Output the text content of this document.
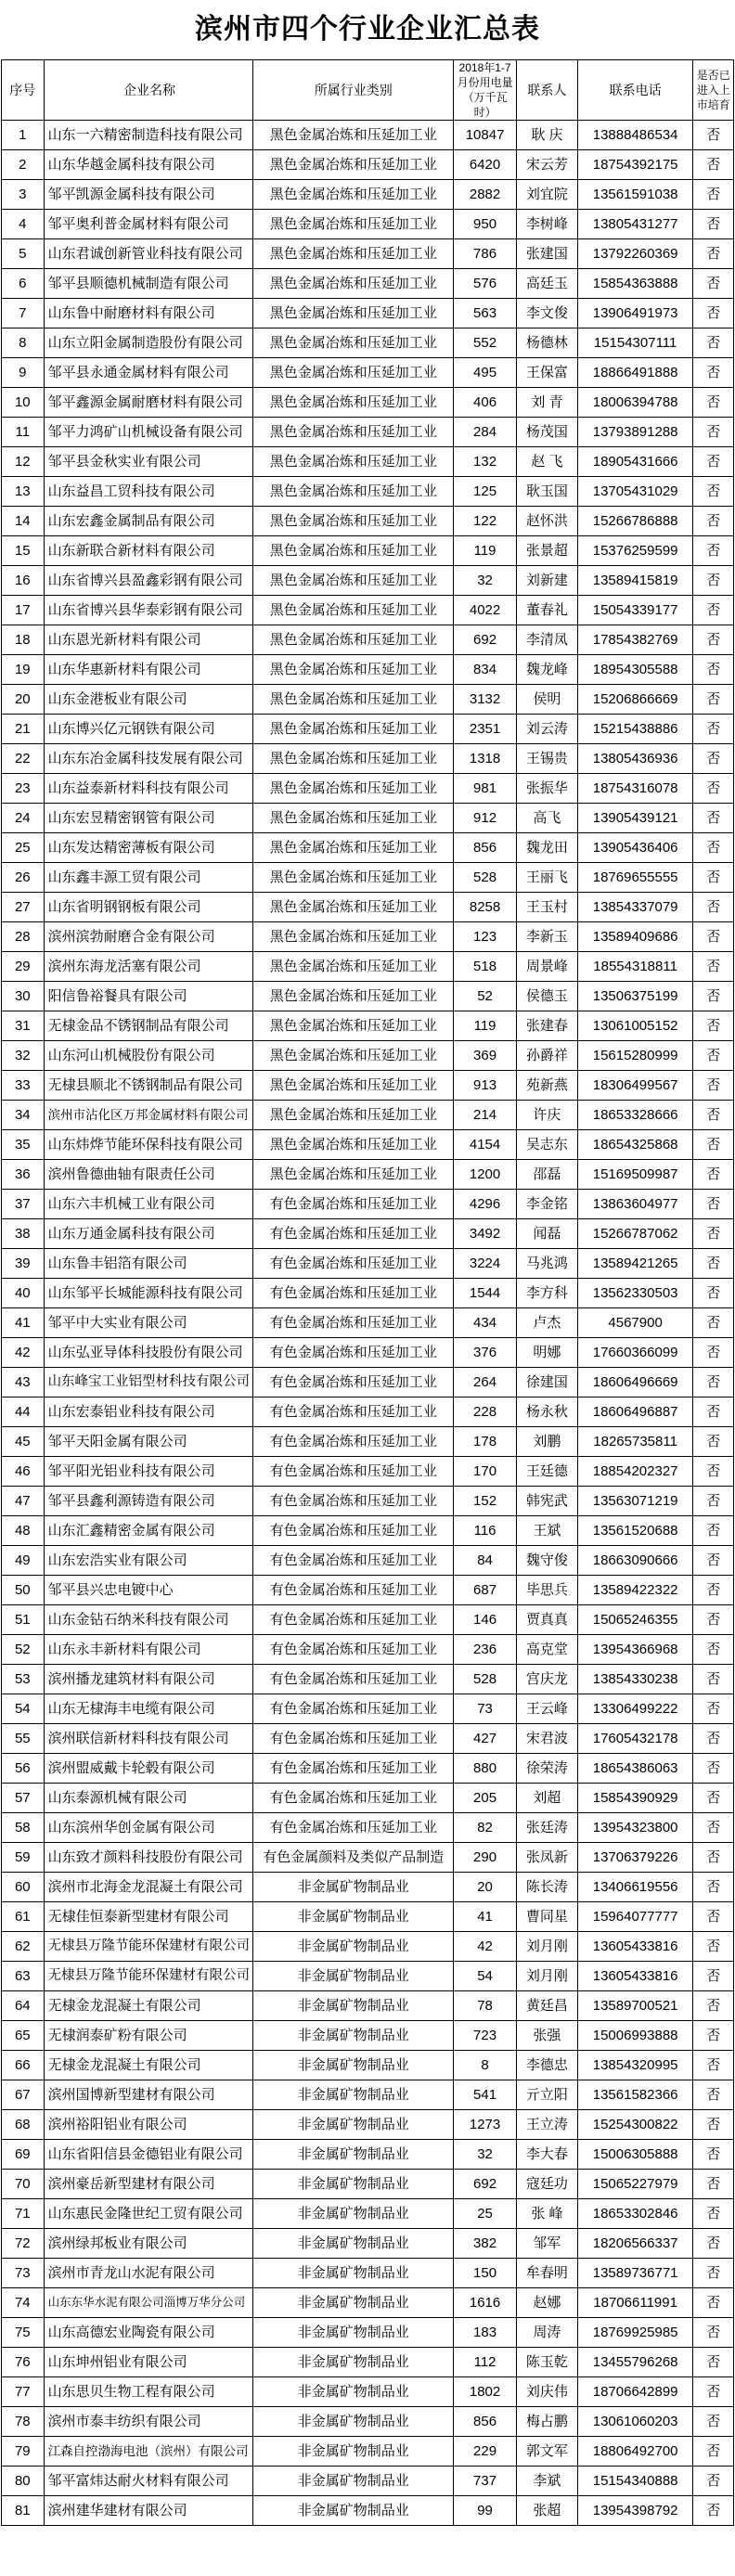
滨州市四个行业企业汇总表
序号	企业名称	所属行业类别	2018年1-7月份用电量（万千瓦时）	联系人	联系电话	是否已进入上市培育
1	山东一六精密制造科技有限公司	黑色金属冶炼和压延加工业	10847	耿 庆	13888486534	否
2	山东华越金属科技有限公司	黑色金属冶炼和压延加工业	6420	宋云芳	18754392175	否
3	邹平凯源金属科技有限公司	黑色金属冶炼和压延加工业	2882	刘宜院	13561591038	否
4	邹平奥利普金属材料有限公司	黑色金属冶炼和压延加工业	950	李树峰	13805431277	否
5	山东君诚创新管业科技有限公司	黑色金属冶炼和压延加工业	786	张建国	13792260369	否
6	邹平县顺德机械制造有限公司	黑色金属冶炼和压延加工业	576	高廷玉	15854363888	否
7	山东鲁中耐磨材料有限公司	黑色金属冶炼和压延加工业	563	李文俊	13906491973	否
8	山东立阳金属制造股份有限公司	黑色金属冶炼和压延加工业	552	杨德林	15154307111	否
9	邹平县永通金属材料有限公司	黑色金属冶炼和压延加工业	495	王保富	18866491888	否
10	邹平鑫源金属耐磨材料有限公司	黑色金属冶炼和压延加工业	406	刘 青	18006394788	否
11	邹平力鸿矿山机械设备有限公司	黑色金属冶炼和压延加工业	284	杨茂国	13793891288	否
12	邹平县金秋实业有限公司	黑色金属冶炼和压延加工业	132	赵 飞	18905431666	否
13	山东益昌工贸科技有限公司	黑色金属冶炼和压延加工业	125	耿玉国	13705431029	否
14	山东宏鑫金属制品有限公司	黑色金属冶炼和压延加工业	122	赵怀洪	15266786888	否
15	山东新联合新材料有限公司	黑色金属冶炼和压延加工业	119	张景超	15376259599	否
16	山东省博兴县盈鑫彩钢有限公司	黑色金属冶炼和压延加工业	32	刘新建	13589415819	否
17	山东省博兴县华泰彩钢有限公司	黑色金属冶炼和压延加工业	4022	董春礼	15054339177	否
18	山东恩光新材料有限公司	黑色金属冶炼和压延加工业	692	李清凤	17854382769	否
19	山东华惠新材料有限公司	黑色金属冶炼和压延加工业	834	魏龙峰	18954305588	否
20	山东金港板业有限公司	黑色金属冶炼和压延加工业	3132	侯明	15206866669	否
21	山东博兴亿元钢铁有限公司	黑色金属冶炼和压延加工业	2351	刘云涛	15215438886	否
22	山东东冶金属科技发展有限公司	黑色金属冶炼和压延加工业	1318	王锡贵	13805436936	否
23	山东益泰新材料科技有限公司	黑色金属冶炼和压延加工业	981	张振华	18754316078	否
24	山东宏昱精密钢管有限公司	黑色金属冶炼和压延加工业	912	高飞	13905439121	否
25	山东发达精密薄板有限公司	黑色金属冶炼和压延加工业	856	魏龙田	13905436406	否
26	山东鑫丰源工贸有限公司	黑色金属冶炼和压延加工业	528	王丽飞	18769655555	否
27	山东省明钢钢板有限公司	黑色金属冶炼和压延加工业	8258	王玉村	13854337079	否
28	滨州滨勃耐磨合金有限公司	黑色金属冶炼和压延加工业	123	李新玉	13589409686	否
29	滨州东海龙活塞有限公司	黑色金属冶炼和压延加工业	518	周景峰	18554318811	否
30	阳信鲁裕餐具有限公司	黑色金属冶炼和压延加工业	52	侯德玉	13506375199	否
31	无棣金品不锈钢制品有限公司	黑色金属冶炼和压延加工业	119	张建春	13061005152	否
32	山东河山机械股份有限公司	黑色金属冶炼和压延加工业	369	孙爵祥	15615280999	否
33	无棣县顺北不锈钢制品有限公司	黑色金属冶炼和压延加工业	913	苑新燕	18306499567	否
34	滨州市沾化区万邦金属材料有限公司	黑色金属冶炼和压延加工业	214	许庆	18653328666	否
35	山东炜烨节能环保科技有限公司	黑色金属冶炼和压延加工业	4154	吴志东	18654325868	否
36	滨州鲁德曲轴有限责任公司	黑色金属冶炼和压延加工业	1200	邵磊	15169509987	否
37	山东六丰机械工业有限公司	有色金属冶炼和压延加工业	4296	李金铭	13863604977	否
38	山东万通金属科技有限公司	有色金属冶炼和压延加工业	3492	闻磊	15266787062	否
39	山东鲁丰铝箔有限公司	有色金属冶炼和压延加工业	3224	马兆鸿	13589421265	否
40	山东邹平长城能源科技有限公司	有色金属冶炼和压延加工业	1544	李方科	13562330503	否
41	邹平中大实业有限公司	有色金属冶炼和压延加工业	434	卢杰	4567900	否
42	山东弘亚导体科技股份有限公司	有色金属冶炼和压延加工业	376	明娜	17660366099	否
43	山东峰宝工业铝型材科技有限公司	有色金属冶炼和压延加工业	264	徐建国	18606496669	否
44	山东宏泰铝业科技有限公司	有色金属冶炼和压延加工业	228	杨永秋	18606496887	否
45	邹平天阳金属有限公司	有色金属冶炼和压延加工业	178	刘鹏	18265735811	否
46	邹平阳光铝业科技有限公司	有色金属冶炼和压延加工业	170	王廷德	18854202327	否
47	邹平县鑫利源铸造有限公司	有色金属冶炼和压延加工业	152	韩宪武	13563071219	否
48	山东汇鑫精密金属有限公司	有色金属冶炼和压延加工业	116	王斌	13561520688	否
49	山东宏浩实业有限公司	有色金属冶炼和压延加工业	84	魏守俊	18663090666	否
50	邹平县兴忠电镀中心	有色金属冶炼和压延加工业	687	毕思兵	13589422322	否
51	山东金钻石纳米科技有限公司	有色金属冶炼和压延加工业	146	贾真真	15065246355	否
52	山东永丰新材料有限公司	有色金属冶炼和压延加工业	236	高克堂	13954366968	否
53	滨州播龙建筑材料有限公司	有色金属冶炼和压延加工业	528	宫庆龙	13854330238	否
54	山东无棣海丰电缆有限公司	有色金属冶炼和压延加工业	73	王云峰	13306499222	否
55	滨州联信新材料科技有限公司	有色金属冶炼和压延加工业	427	宋君波	17605432178	否
56	滨州盟威戴卡轮毂有限公司	有色金属冶炼和压延加工业	880	徐荣涛	18654386063	否
57	山东泰源机械有限公司	有色金属冶炼和压延加工业	205	刘超	15854390929	否
58	山东滨州华创金属有限公司	有色金属冶炼和压延加工业	82	张廷涛	13954323800	否
59	山东致才颜料科技股份有限公司	有色金属颜料及类似产品制造	290	张凤新	13706379226	否
60	滨州市北海金龙混凝土有限公司	非金属矿物制品业	20	陈长涛	13406619556	否
61	无棣佳恒泰新型建材有限公司	非金属矿物制品业	41	曹同星	15964077777	否
62	无棣县万隆节能环保建材有限公司	非金属矿物制品业	42	刘月刚	13605433816	否
63	无棣县万隆节能环保建材有限公司	非金属矿物制品业	54	刘月刚	13605433816	否
64	无棣金龙混凝土有限公司	非金属矿物制品业	78	黄廷昌	13589700521	否
65	无棣润泰矿粉有限公司	非金属矿物制品业	723	张强	15006993888	否
66	无棣金龙混凝土有限公司	非金属矿物制品业	8	李德忠	13854320995	否
67	滨州国博新型建材有限公司	非金属矿物制品业	541	亓立阳	13561582366	否
68	滨州裕阳铝业有限公司	非金属矿物制品业	1273	王立涛	15254300822	否
69	山东省阳信县金德铝业有限公司	非金属矿物制品业	32	李大春	15006305888	否
70	滨州豪岳新型建材有限公司	非金属矿物制品业	692	寇廷功	15065227979	否
71	山东惠民金隆世纪工贸有限公司	非金属矿物制品业	25	张 峰	18653302846	否
72	滨州绿邦板业有限公司	非金属矿物制品业	382	邹军	18206566337	否
73	滨州市青龙山水泥有限公司	非金属矿物制品业	150	牟春明	13589736771	否
74	山东东华水泥有限公司淄博万华分公司	非金属矿物制品业	1616	赵娜	18706611991	否
75	山东高德宏业陶瓷有限公司	非金属矿物制品业	183	周涛	18769925985	否
76	山东坤州铝业有限公司	非金属矿物制品业	112	陈玉乾	13455796268	否
77	山东思贝生物工程有限公司	非金属矿物制品业	1802	刘庆伟	18706642899	否
78	滨州市泰丰纺织有限公司	非金属矿物制品业	856	梅占鹏	13061060203	否
79	江森自控渤海电池（滨州）有限公司	非金属矿物制品业	229	郭文军	18806492700	否
80	邹平富炜达耐火材料有限公司	非金属矿物制品业	737	李斌	15154340888	否
81	滨州建华建材有限公司	非金属矿物制品业	99	张超	13954398792	否
